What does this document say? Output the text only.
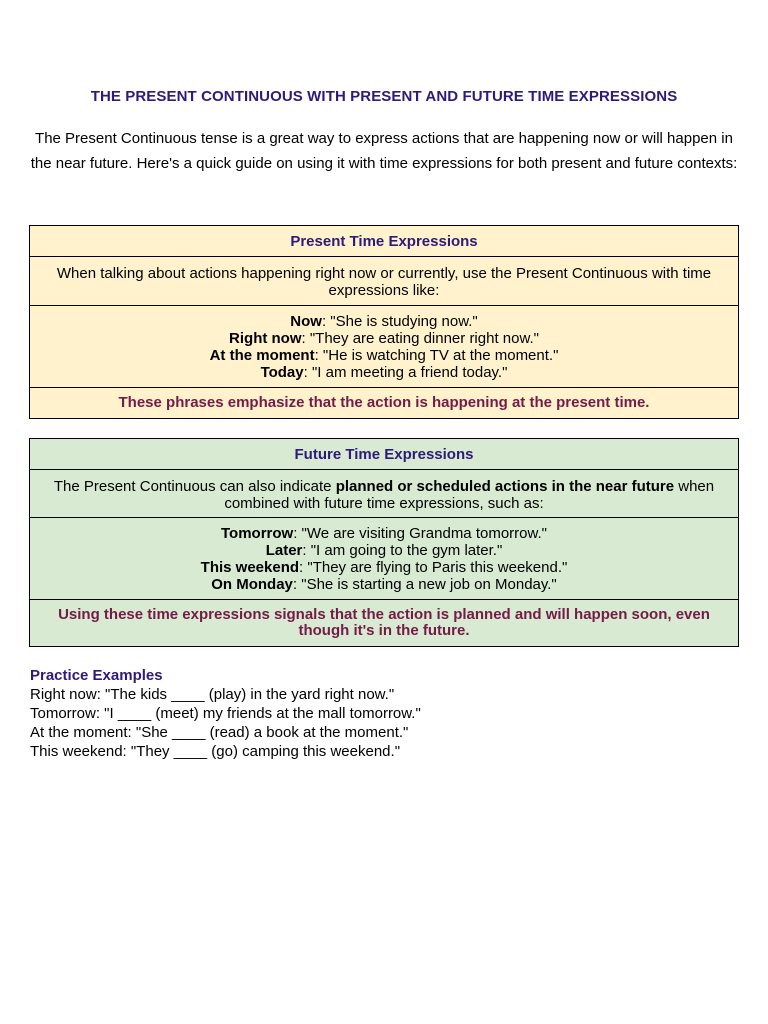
THE PRESENT CONTINUOUS WITH PRESENT AND FUTURE TIME EXPRESSIONS
The Present Continuous tense is a great way to express actions that are happening now or will happen in the near future. Here's a quick guide on using it with time expressions for both present and future contexts:
Present Time Expressions
When talking about actions happening right now or currently, use the Present Continuous with time expressions like:
Now: "She is studying now."
Right now: "They are eating dinner right now."
At the moment: "He is watching TV at the moment."
Today: "I am meeting a friend today."
These phrases emphasize that the action is happening at the present time.
Future Time Expressions
The Present Continuous can also indicate planned or scheduled actions in the near future when combined with future time expressions, such as:
Tomorrow: "We are visiting Grandma tomorrow."
Later: "I am going to the gym later."
This weekend: "They are flying to Paris this weekend."
On Monday: "She is starting a new job on Monday."
Using these time expressions signals that the action is planned and will happen soon, even though it's in the future.
Practice Examples
Right now: "The kids ____ (play) in the yard right now."
Tomorrow: "I ____ (meet) my friends at the mall tomorrow."
At the moment: "She ____ (read) a book at the moment."
This weekend: "They ____ (go) camping this weekend."
